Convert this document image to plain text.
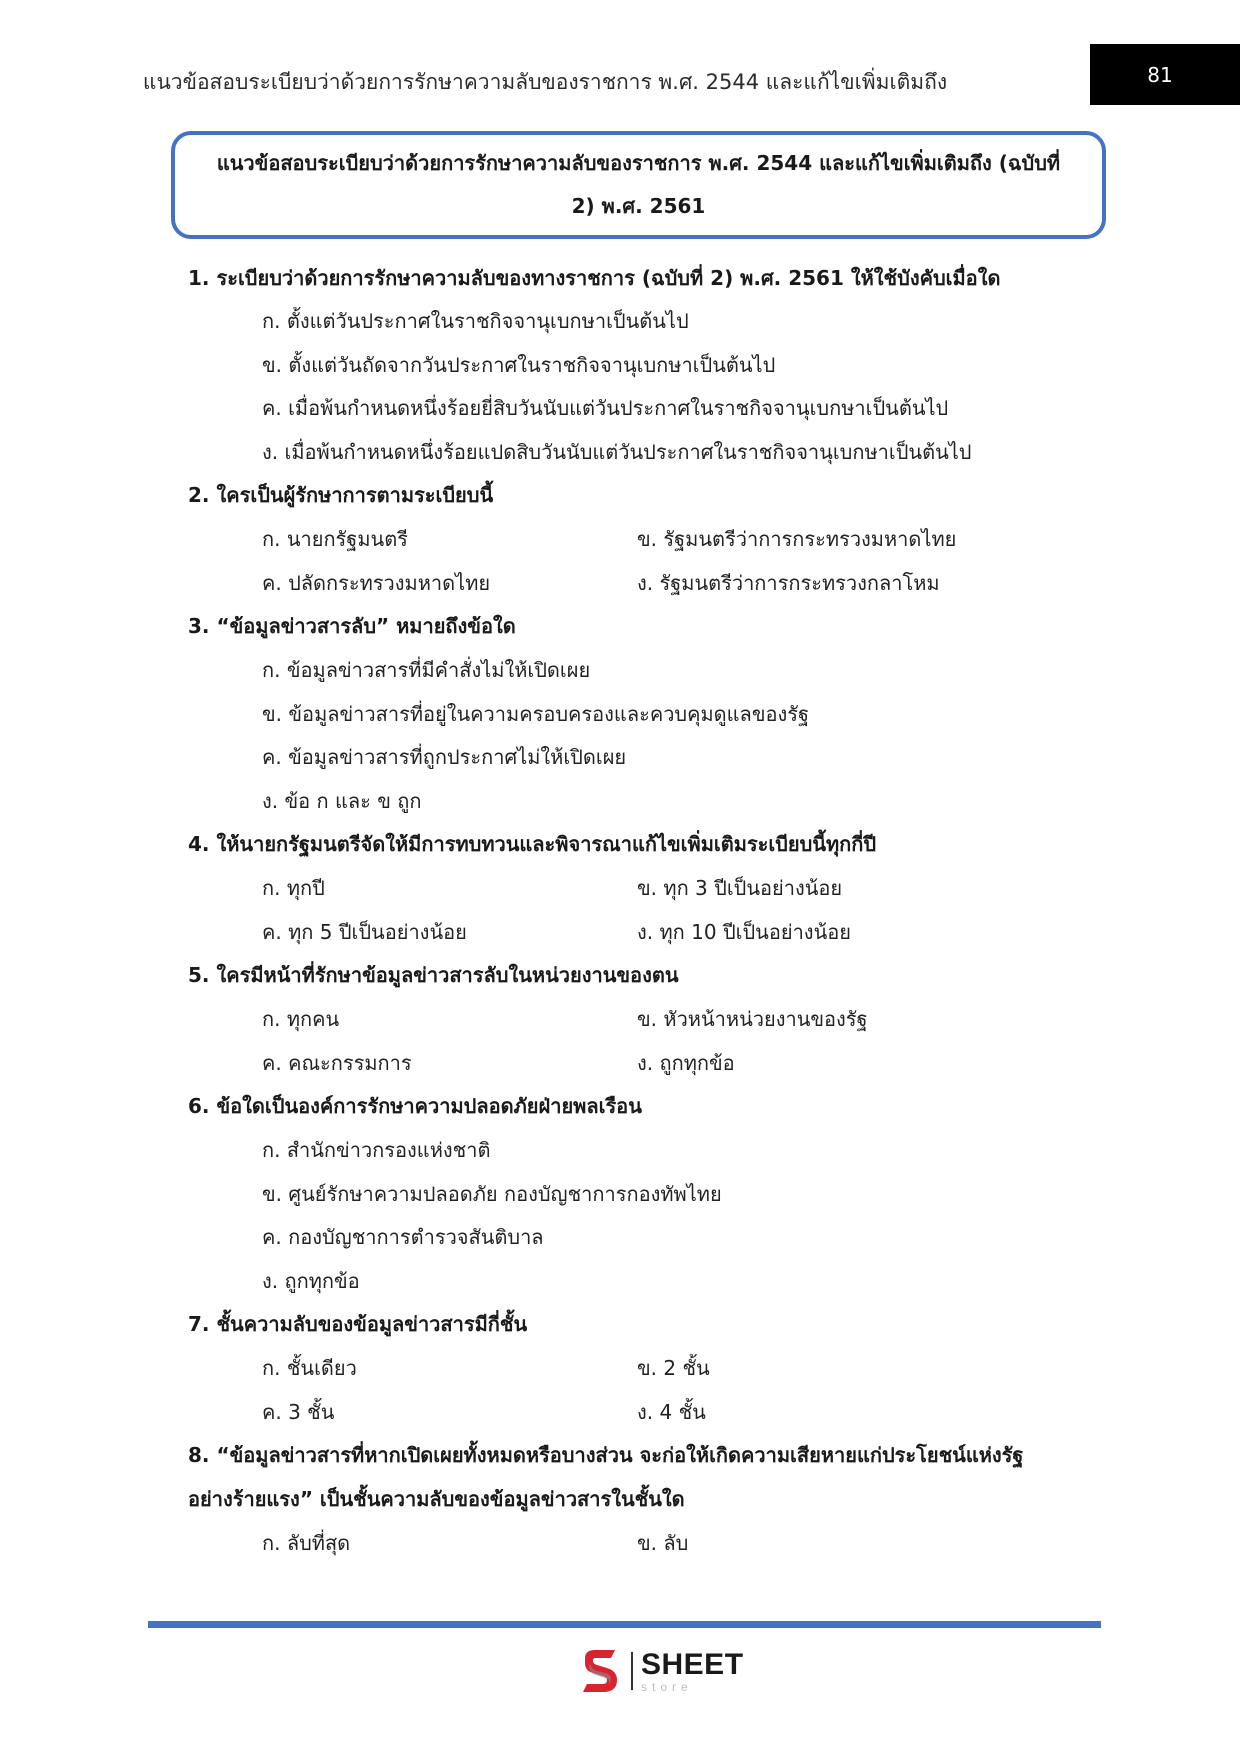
แนวข้อสอบระเบียบว่าด้วยการรักษาความลับของราชการ พ.ศ. 2544 และแก้ไขเพิ่มเติมถึง	81
แนวข้อสอบระเบียบว่าด้วยการรักษาความลับของราชการ พ.ศ. 2544 และแก้ไขเพิ่มเติมถึง (ฉบับที่
2) พ.ศ. 2561
1. ระเบียบว่าด้วยการรักษาความลับของทางราชการ (ฉบับที่ 2) พ.ศ. 2561 ให้ใช้บังคับเมื่อใด
ก. ตั้งแต่วันประกาศในราชกิจจานุเบกษาเป็นต้นไป
ข. ตั้งแต่วันถัดจากวันประกาศในราชกิจจานุเบกษาเป็นต้นไป
ค. เมื่อพ้นกำหนดหนึ่งร้อยยี่สิบวันนับแต่วันประกาศในราชกิจจานุเบกษาเป็นต้นไป
ง. เมื่อพ้นกำหนดหนึ่งร้อยแปดสิบวันนับแต่วันประกาศในราชกิจจานุเบกษาเป็นต้นไป
2. ใครเป็นผู้รักษาการตามระเบียบนี้
ก. นายกรัฐมนตรี	ข. รัฐมนตรีว่าการกระทรวงมหาดไทย
ค. ปลัดกระทรวงมหาดไทย	ง. รัฐมนตรีว่าการกระทรวงกลาโหม
3. “ข้อมูลข่าวสารลับ” หมายถึงข้อใด
ก. ข้อมูลข่าวสารที่มีคำสั่งไม่ให้เปิดเผย
ข. ข้อมูลข่าวสารที่อยู่ในความครอบครองและควบคุมดูแลของรัฐ
ค. ข้อมูลข่าวสารที่ถูกประกาศไม่ให้เปิดเผย
ง. ข้อ ก และ ข ถูก
4. ให้นายกรัฐมนตรีจัดให้มีการทบทวนและพิจารณาแก้ไขเพิ่มเติมระเบียบนี้ทุกกี่ปี
ก. ทุกปี	ข. ทุก 3 ปีเป็นอย่างน้อย
ค. ทุก 5 ปีเป็นอย่างน้อย	ง. ทุก 10 ปีเป็นอย่างน้อย
5. ใครมีหน้าที่รักษาข้อมูลข่าวสารลับในหน่วยงานของตน
ก. ทุกคน	ข. หัวหน้าหน่วยงานของรัฐ
ค. คณะกรรมการ	ง. ถูกทุกข้อ
6. ข้อใดเป็นองค์การรักษาความปลอดภัยฝ่ายพลเรือน
ก. สำนักข่าวกรองแห่งชาติ
ข. ศูนย์รักษาความปลอดภัย กองบัญชาการกองทัพไทย
ค. กองบัญชาการตำรวจสันติบาล
ง. ถูกทุกข้อ
7. ชั้นความลับของข้อมูลข่าวสารมีกี่ชั้น
ก. ชั้นเดียว	ข. 2 ชั้น
ค. 3 ชั้น	ง. 4 ชั้น
8. “ข้อมูลข่าวสารที่หากเปิดเผยทั้งหมดหรือบางส่วน จะก่อให้เกิดความเสียหายแก่ประโยชน์แห่งรัฐ
อย่างร้ายแรง” เป็นชั้นความลับของข้อมูลข่าวสารในชั้นใด
ก. ลับที่สุด	ข. ลับ
SHEET
store
